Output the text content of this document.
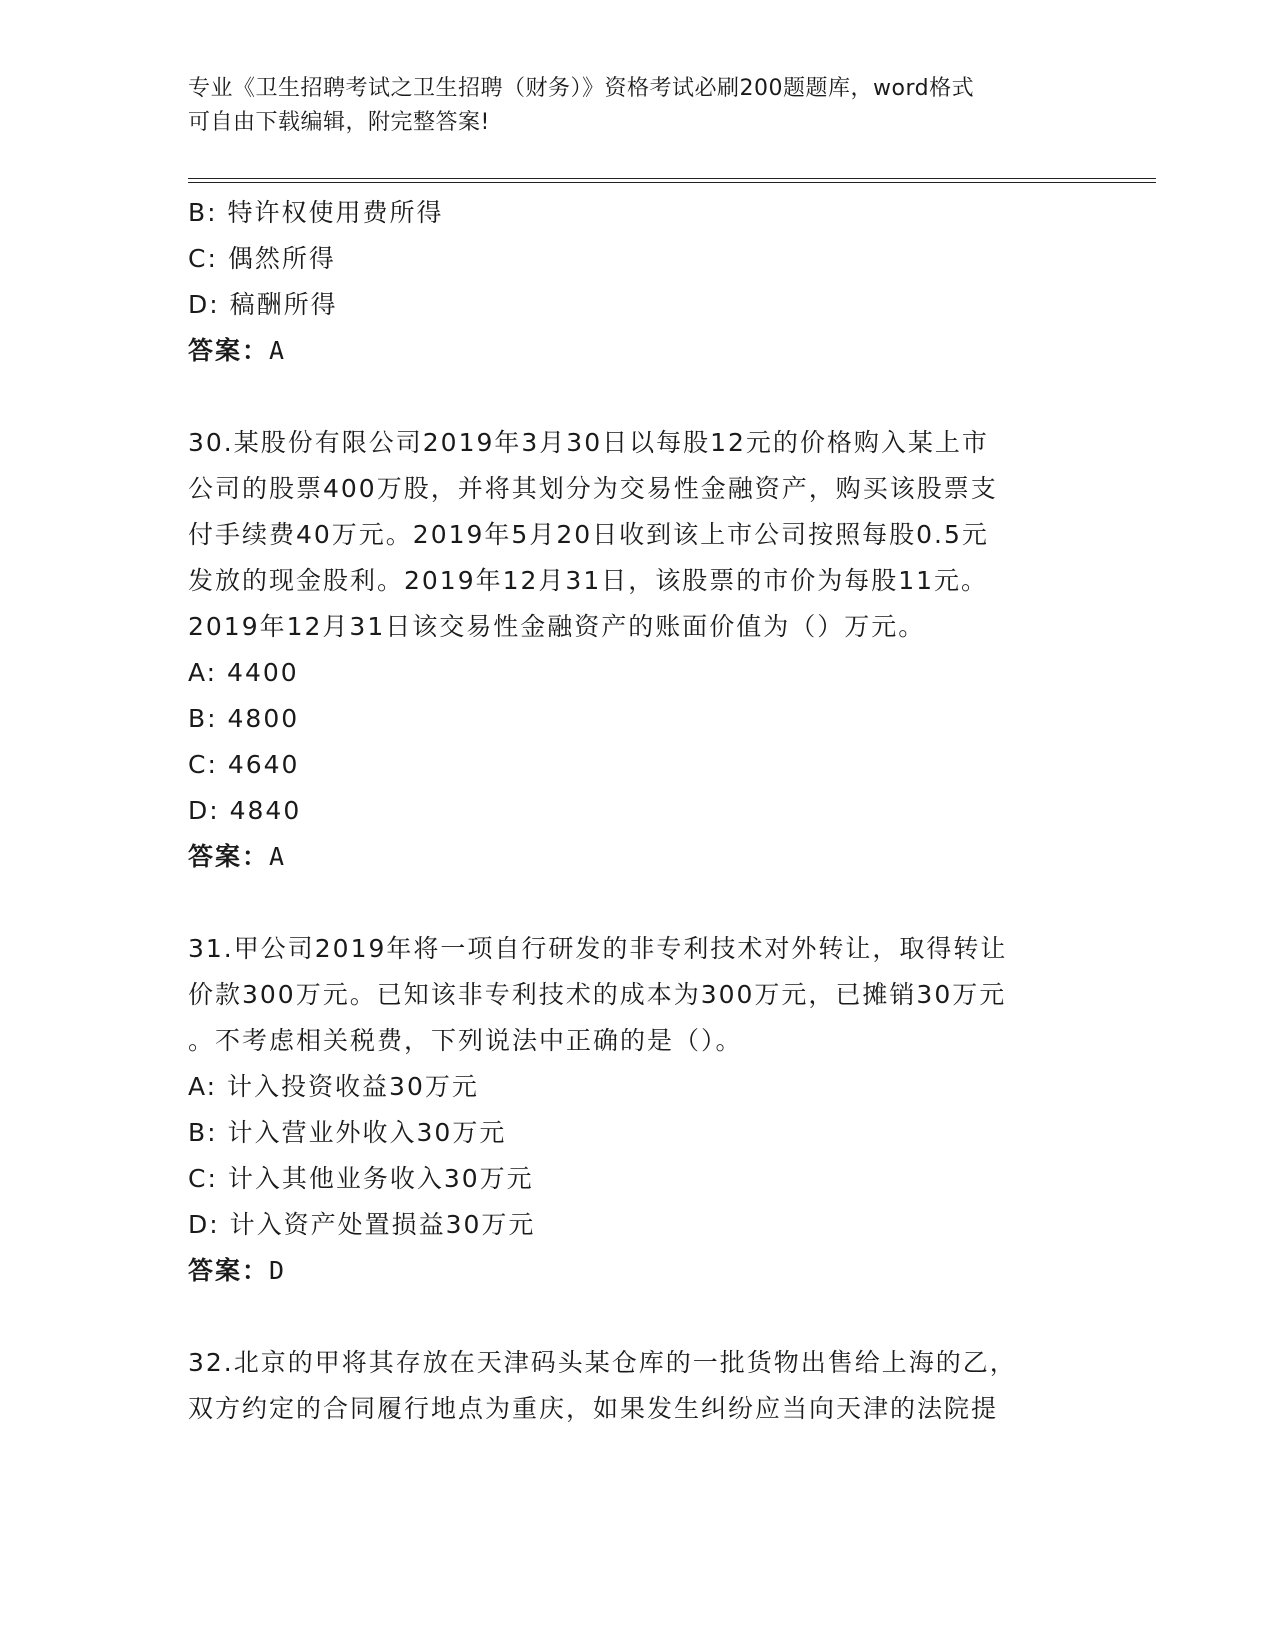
专业《卫生招聘考试之卫生招聘（财务）》资格考试必刷200题题库，word格式
可自由下载编辑，附完整答案!
B: 特许权使用费所得
C: 偶然所得
D: 稿酬所得
答案：A
30.某股份有限公司2019年3月30日以每股12元的价格购入某上市
公司的股票400万股，并将其划分为交易性金融资产，购买该股票支
付手续费40万元。2019年5月20日收到该上市公司按照每股0.5元
发放的现金股利。2019年12月31日，该股票的市价为每股11元。
2019年12月31日该交易性金融资产的账面价值为（）万元。
A: 4400
B: 4800
C: 4640
D: 4840
答案：A
31.甲公司2019年将一项自行研发的非专利技术对外转让，取得转让
价款300万元。已知该非专利技术的成本为300万元，已摊销30万元
。不考虑相关税费，下列说法中正确的是（）。
A: 计入投资收益30万元
B: 计入营业外收入30万元
C: 计入其他业务收入30万元
D: 计入资产处置损益30万元
答案：D
32.北京的甲将其存放在天津码头某仓库的一批货物出售给上海的乙，
双方约定的合同履行地点为重庆，如果发生纠纷应当向天津的法院提
